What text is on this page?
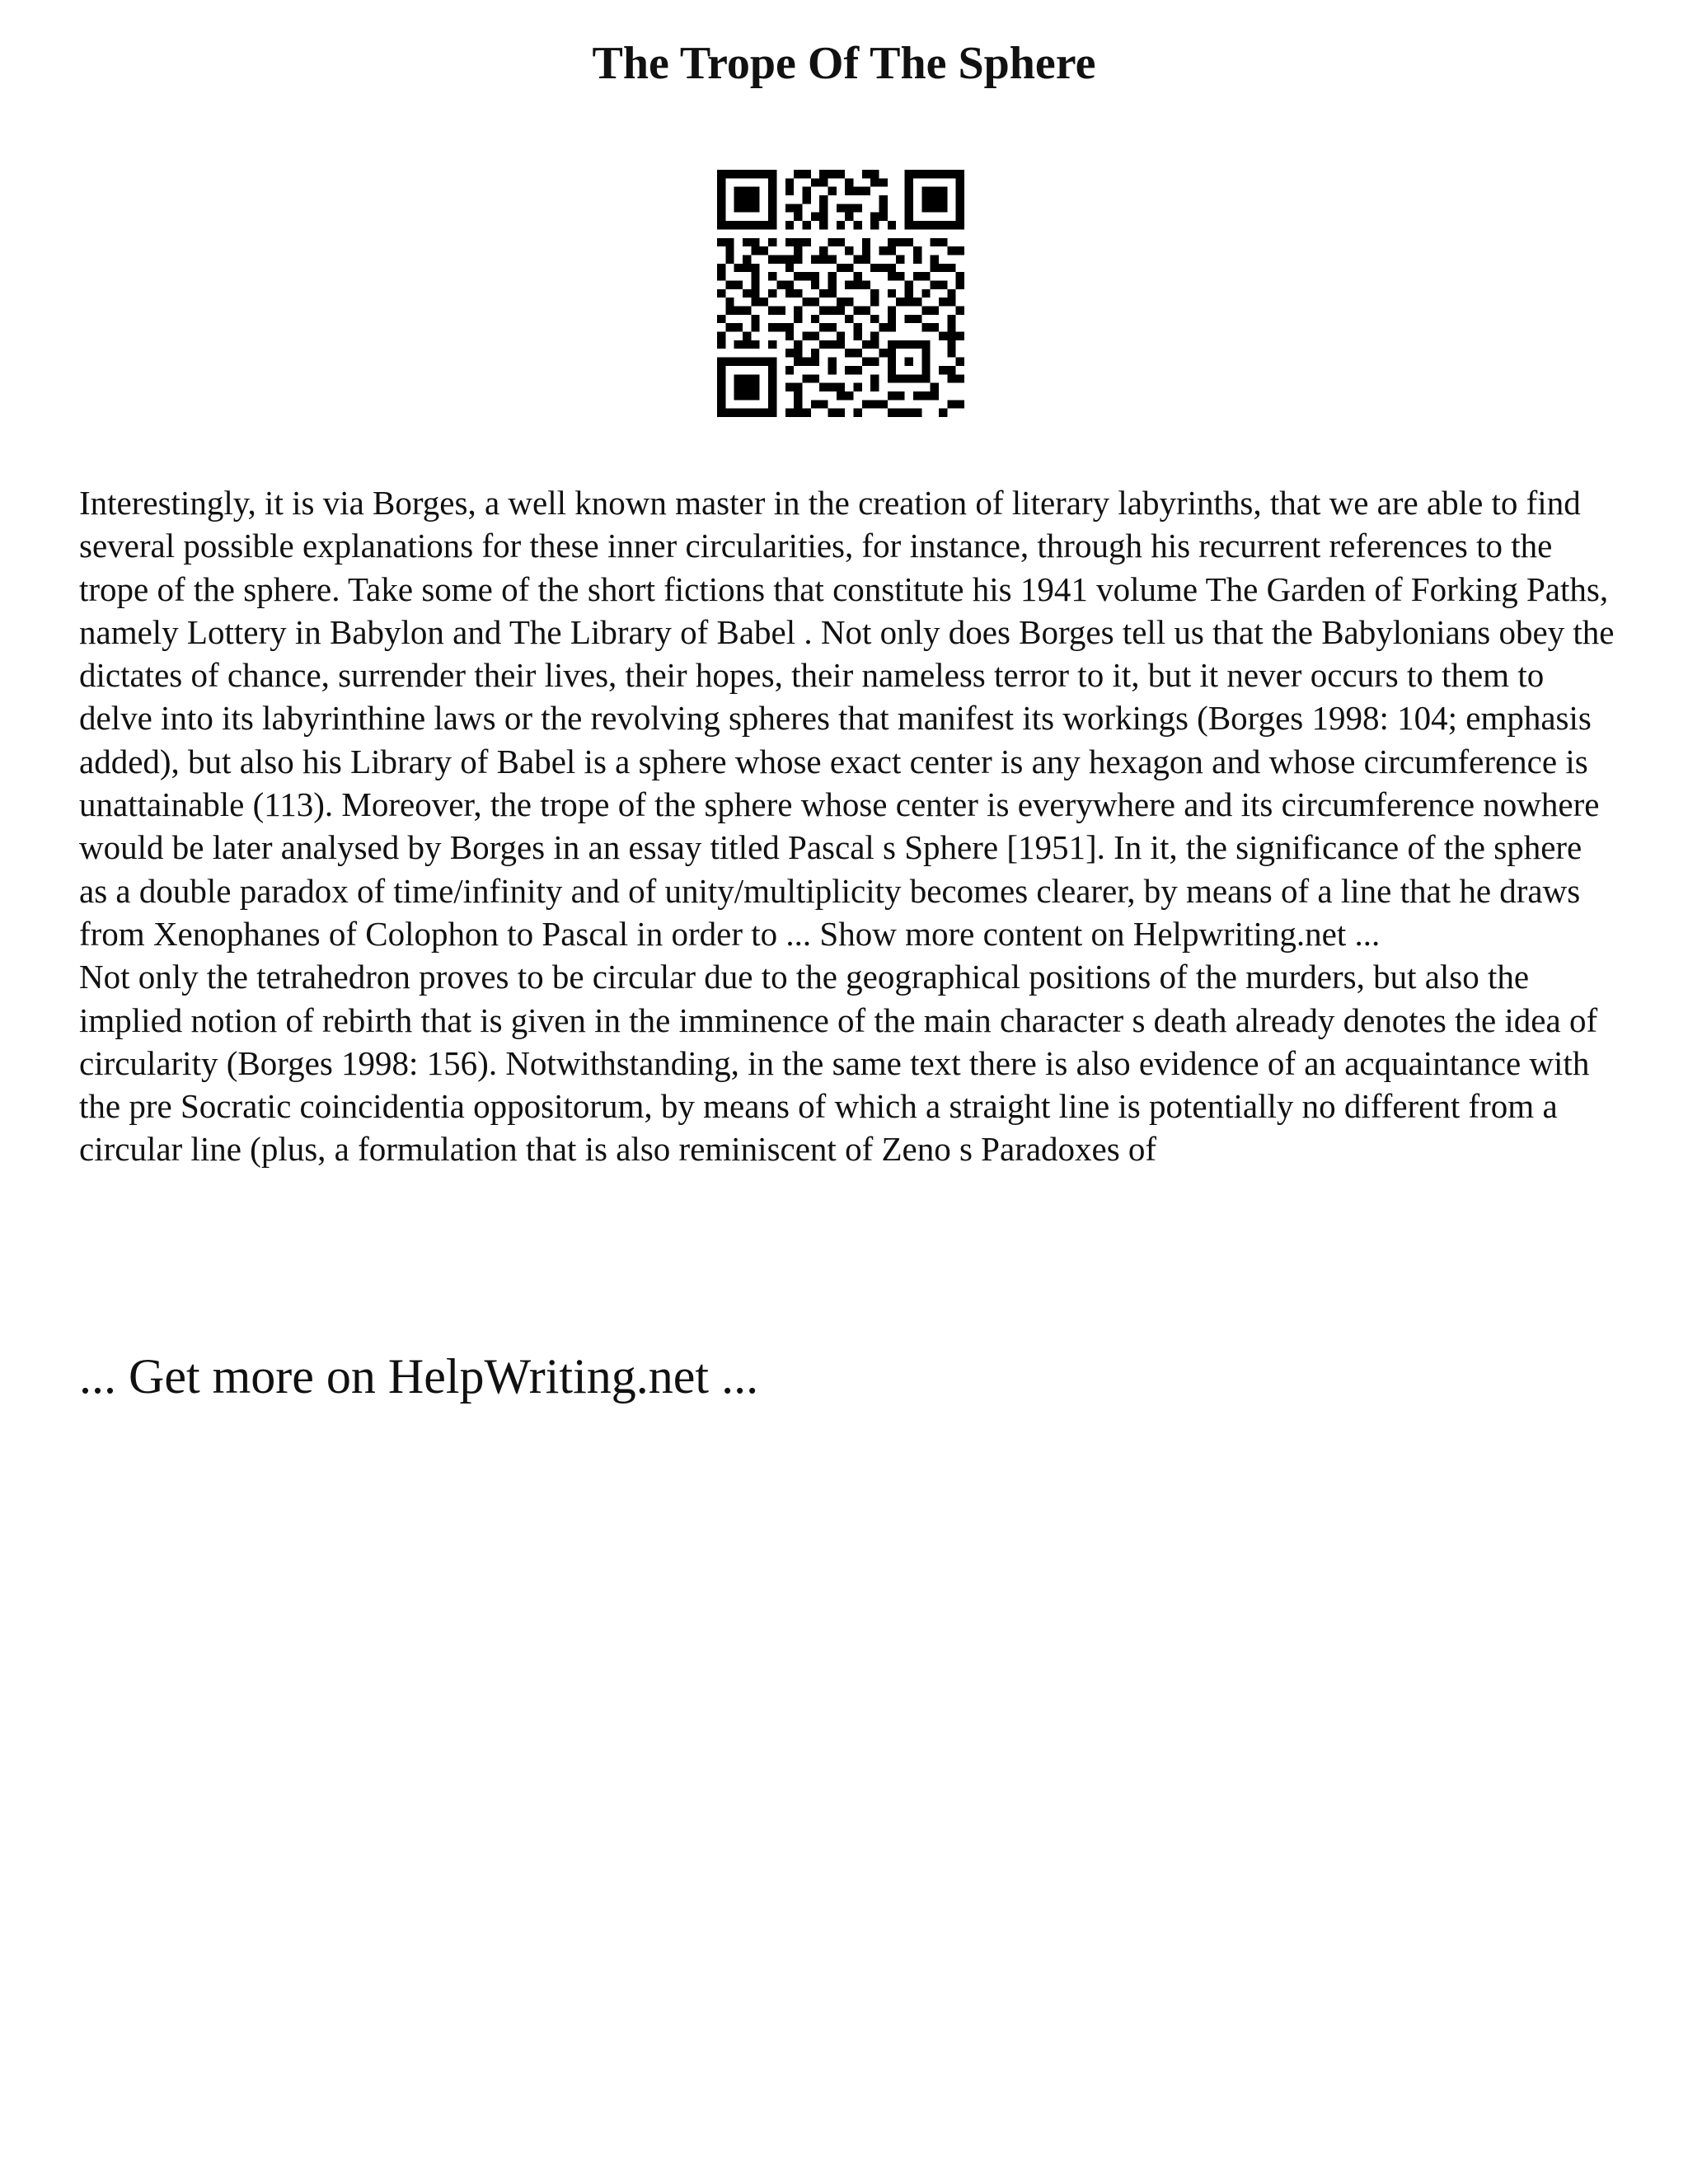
The Trope Of The Sphere

Interestingly, it is via Borges, a well known master in the creation of literary labyrinths, that we are able to find several possible explanations for these inner circularities, for instance, through his recurrent references to the trope of the sphere. Take some of the short fictions that constitute his 1941 volume The Garden of Forking Paths, namely Lottery in Babylon and The Library of Babel . Not only does Borges tell us that the Babylonians obey the dictates of chance, surrender their lives, their hopes, their nameless terror to it, but it never occurs to them to delve into its labyrinthine laws or the revolving spheres that manifest its workings (Borges 1998: 104; emphasis added), but also his Library of Babel is a sphere whose exact center is any hexagon and whose circumference is unattainable (113). Moreover, the trope of the sphere whose center is everywhere and its circumference nowhere would be later analysed by Borges in an essay titled Pascal s Sphere [1951]. In it, the significance of the sphere as a double paradox of time/infinity and of unity/multiplicity becomes clearer, by means of a line that he draws from Xenophanes of Colophon to Pascal in order to ... Show more content on Helpwriting.net ...

Not only the tetrahedron proves to be circular due to the geographical positions of the murders, but also the implied notion of rebirth that is given in the imminence of the main character s death already denotes the idea of circularity (Borges 1998: 156). Notwithstanding, in the same text there is also evidence of an acquaintance with the pre Socratic coincidentia oppositorum, by means of which a straight line is potentially no different from a circular line (plus, a formulation that is also reminiscent of Zeno s Paradoxes of

... Get more on HelpWriting.net ...
